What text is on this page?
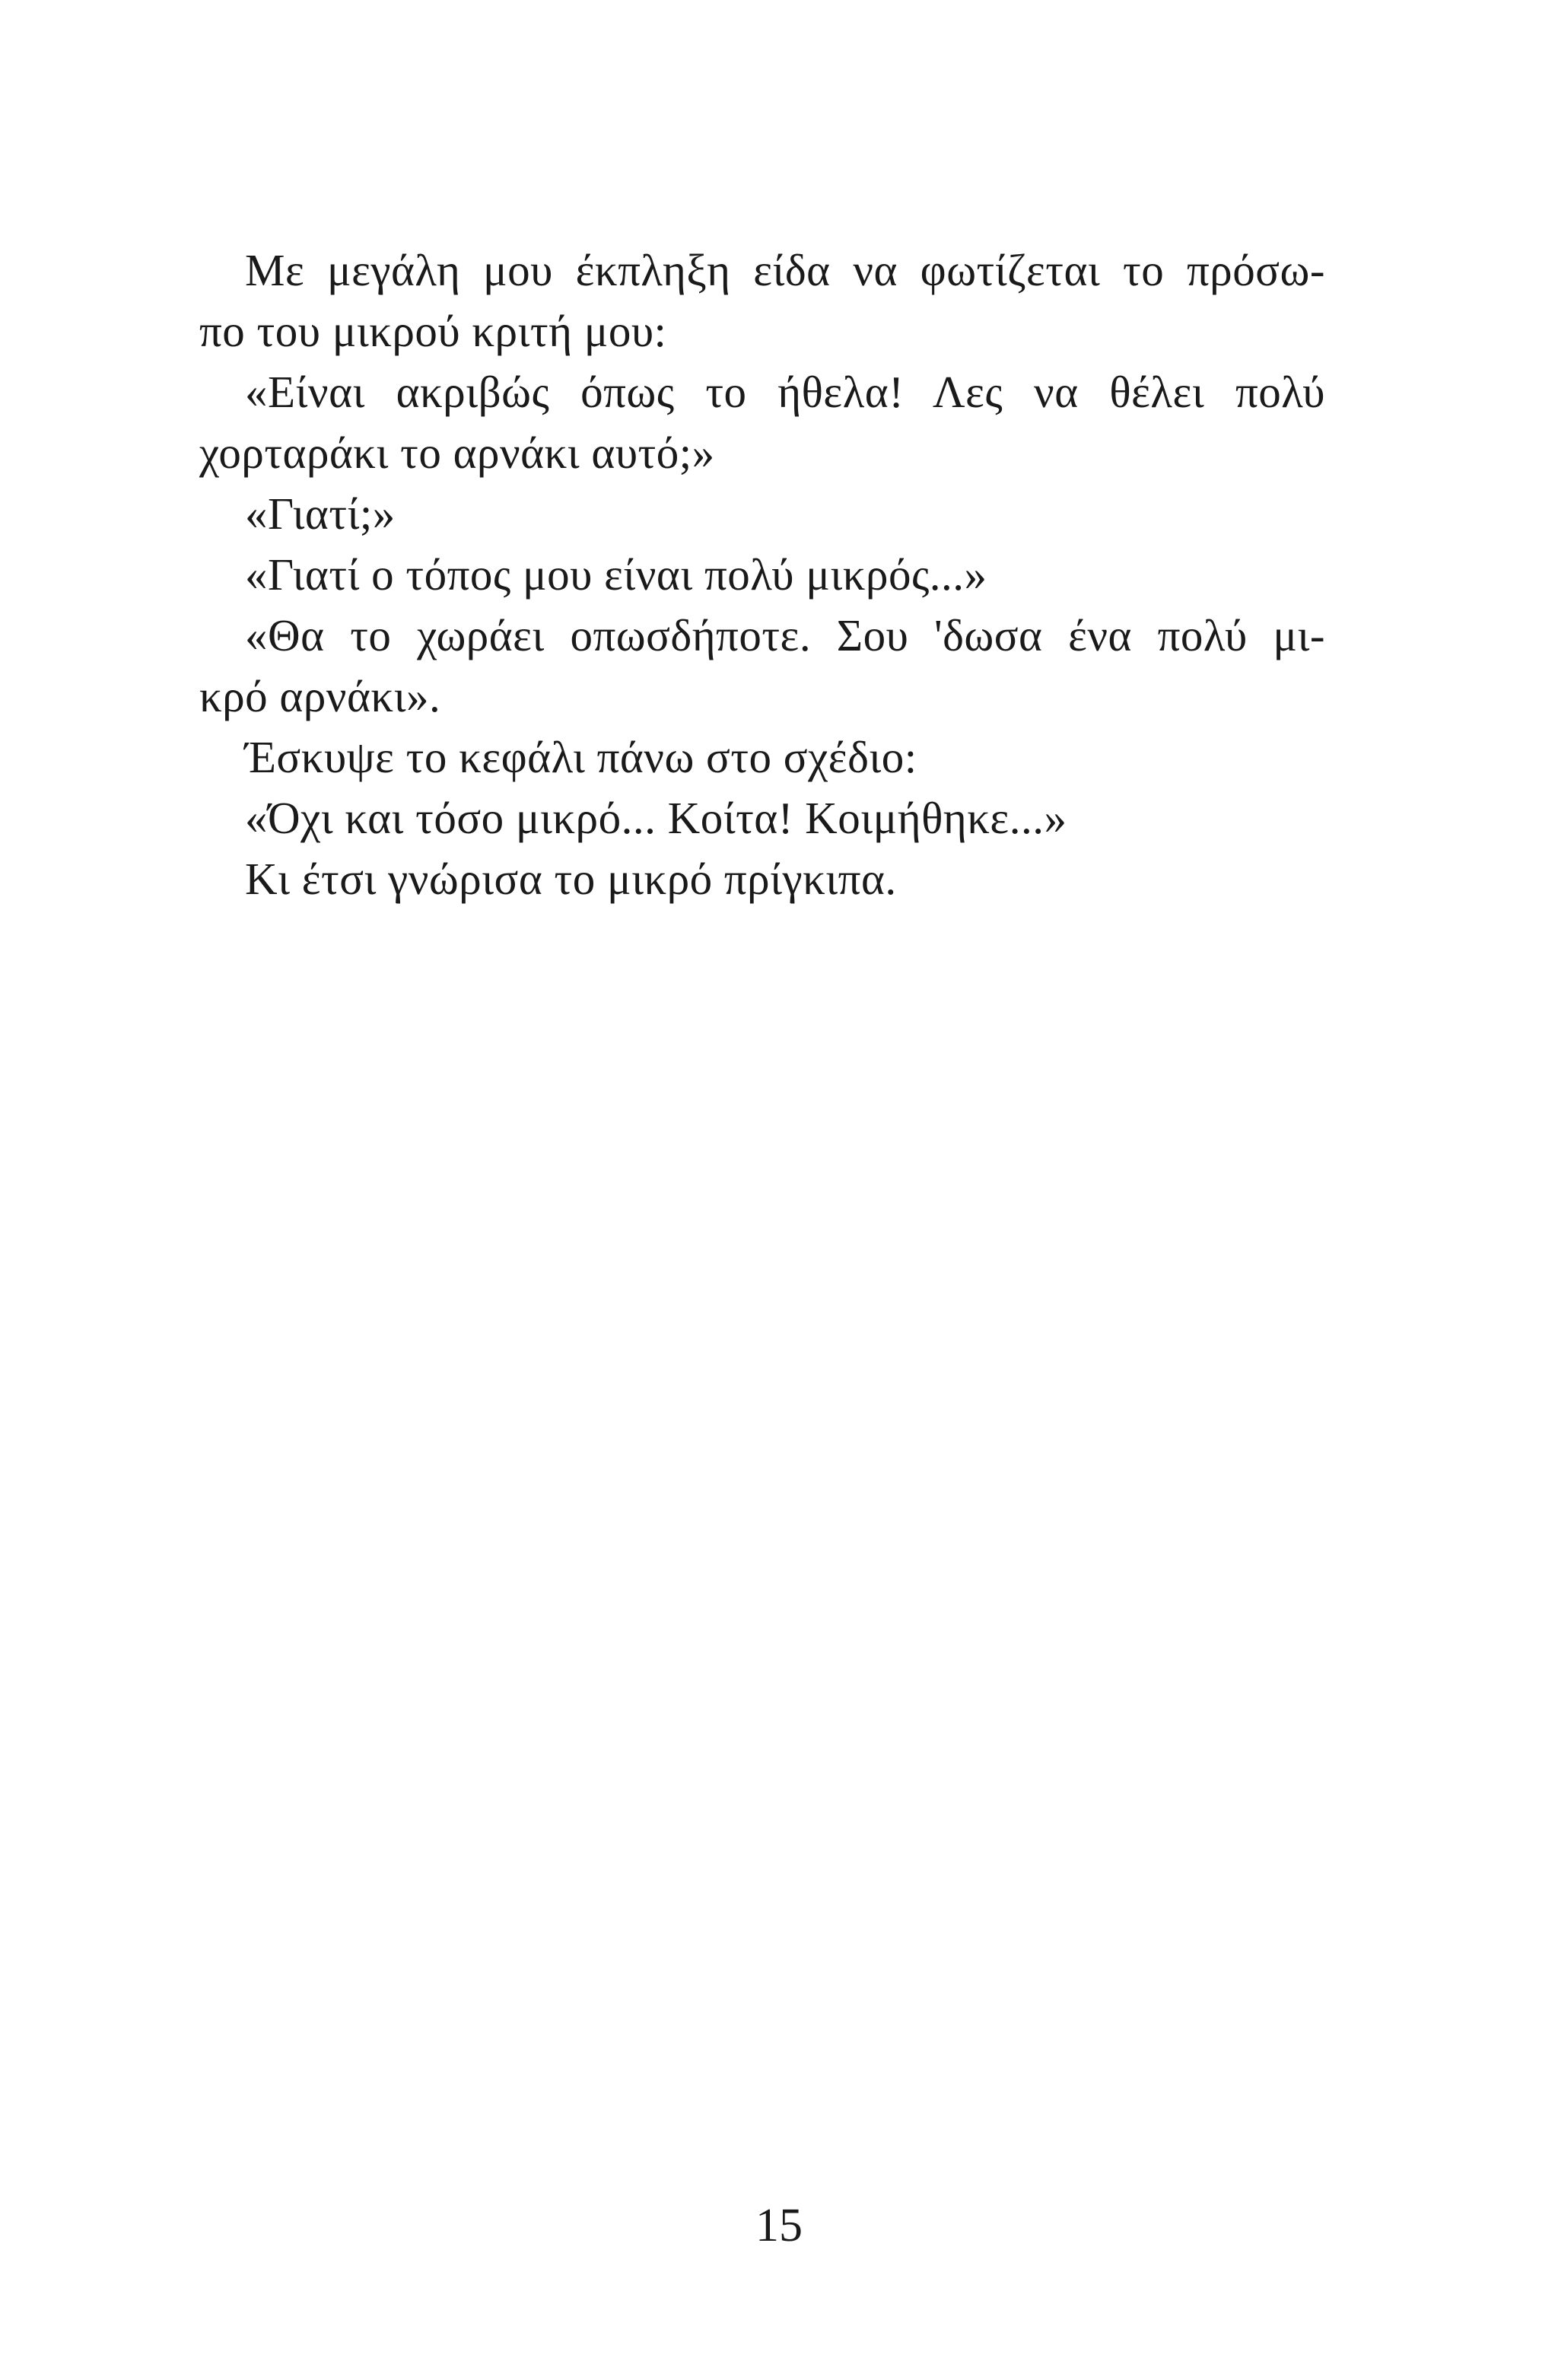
Με μεγάλη μου έκπληξη είδα να φωτίζεται το πρόσω-
πο του μικρού κριτή μου:
«Είναι ακριβώς όπως το ήθελα! Λες να θέλει πολύ
χορταράκι το αρνάκι αυτό;»
«Γιατί;»
«Γιατί ο τόπος μου είναι πολύ μικρός...»
«Θα το χωράει οπωσδήποτε. Σου 'δωσα ένα πολύ μι-
κρό αρνάκι».
Έσκυψε το κεφάλι πάνω στο σχέδιο:
«Όχι και τόσο μικρό... Κοίτα! Κοιμήθηκε...»
Κι έτσι γνώρισα το μικρό πρίγκιπα.
15
